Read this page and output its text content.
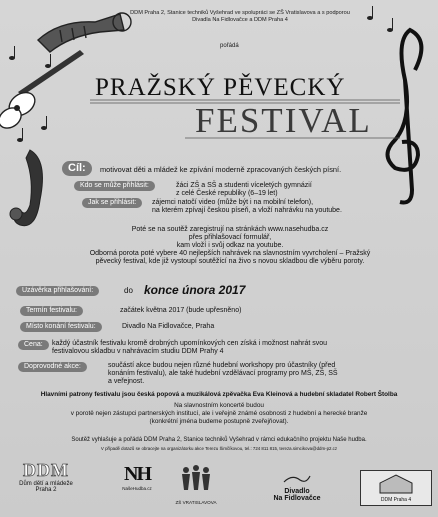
DDM Praha 2, Stanice techniků Vyšehrad ve spolupráci se ZŠ Vratislavova a s podporou Divadla Na Fidlovačce a DDM Praha 4
pořádá
PRAŽSKÝ PĚVECKÝ
FESTIVAL
Cíl:	motivovat děti a mládež ke zpívání moderně zpracovaných českých písní.
Kdo se může přihlásit:	žáci ZŠ a SŠ a studenti víceletých gymnázií
z celé České republiky (6–19 let)
Jak se přihlásit:	zájemci natočí video (může být i na mobilní telefon),
na kterém zpívají českou píseň, a vloží nahrávku na youtube.
Poté se na soutěž zaregistrují na stránkách www.nasehudba.cz
přes přihlašovací formulář,
kam vloží i svůj odkaz na youtube.
Odborná porota poté vybere 40 nejlepších nahrávek na slavnostním vyvrcholení – Pražský
pěvecký festival, kde již vystoupí soutěžící na živo s novou skladbou dle výběru poroty.
Uzávěrka přihlašování:	do konce února 2017
Termín festivalu:	začátek května 2017 (bude upřesněno)
Místo konání festivalu:	Divadlo Na Fidlovačce, Praha
Cena:	každý účastník festivalu kromě drobných upomínkových cen získá i možnost nahrát svou
festivalovou skladbu v nahrávacím studiu DDM Prahy 4
Doprovodné akce:	součástí akce budou nejen různé hudební workshopy pro účastníky (před
konáním festivalu), ale také hudební vzdělávací programy pro MŠ, ZŠ, SŠ
a veřejnost.
Hlavními patrony festivalu jsou česká popová a muzikálová zpěvačka Eva Kleinová a hudební skladatel Robert Štolba
Na slavnostním koncertě budou
v porotě nejen zástupci partnerských institucí, ale i veřejně známé osobnosti z hudební a herecké branže
(konkrétní jména budeme postupně zveřejňovat).
Soutěž vyhlašuje a pořádá DDM Praha 2, Stanice techniků Vyšehrad v rámci edukačního projektu Naše hudba.
V případě dotazů se obracejte na organizátorku akce Terezu Šimčíkovou, tel.: 724 811 815, tereza.simcikova@ddm-p2.cz
DDM
Dům dětí a mládeže
Praha 2
NH
NašeHudba.cz
ZŠ VRATISLAVOVA
Divadlo
Na Fidlovačce	DDM Praha 4
